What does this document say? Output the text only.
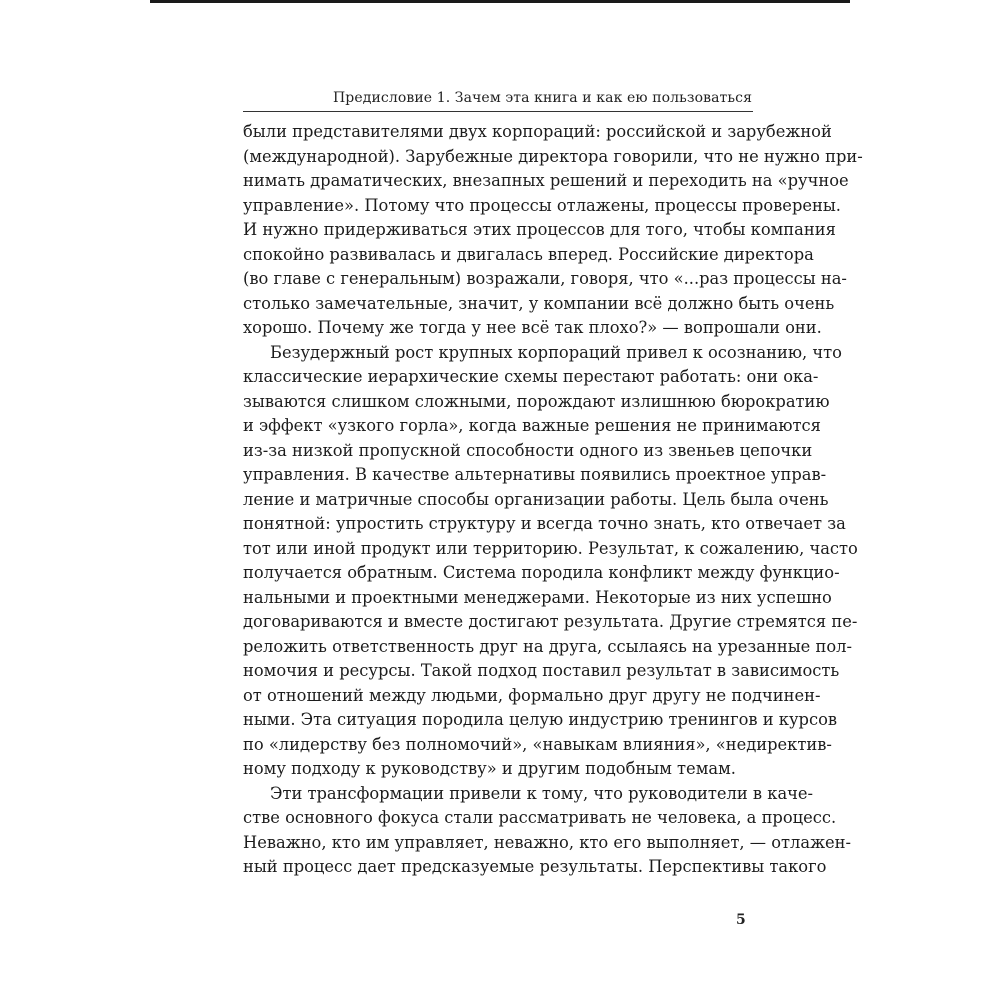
Предисловие 1. Зачем эта книга и как ею пользоваться
были представителями двух корпораций: российской и зарубежной
(международной). Зарубежные директора говорили, что не нужно при-
нимать драматических, внезапных решений и переходить на «ручное
управление». Потому что процессы отлажены, процессы проверены.
И нужно придерживаться этих процессов для того, чтобы компания
спокойно развивалась и двигалась вперед. Российские директора
(во главе с генеральным) возражали, говоря, что «...раз процессы на-
столько замечательные, значит, у компании всё должно быть очень
хорошо. Почему же тогда у нее всё так плохо?» — вопрошали они.
Безудержный рост крупных корпораций привел к осознанию, что
классические иерархические схемы перестают работать: они ока-
зываются слишком сложными, порождают излишнюю бюрократию
и эффект «узкого горла», когда важные решения не принимаются
из-за низкой пропускной способности одного из звеньев цепочки
управления. В качестве альтернативы появились проектное управ-
ление и матричные способы организации работы. Цель была очень
понятной: упростить структуру и всегда точно знать, кто отвечает за
тот или иной продукт или территорию. Результат, к сожалению, часто
получается обратным. Система породила конфликт между функцио-
нальными и проектными менеджерами. Некоторые из них успешно
договариваются и вместе достигают результата. Другие стремятся пе-
реложить ответственность друг на друга, ссылаясь на урезанные пол-
номочия и ресурсы. Такой подход поставил результат в зависимость
от отношений между людьми, формально друг другу не подчинен-
ными. Эта ситуация породила целую индустрию тренингов и курсов
по «лидерству без полномочий», «навыкам влияния», «недиректив-
ному подходу к руководству» и другим подобным темам.
Эти трансформации привели к тому, что руководители в каче-
стве основного фокуса стали рассматривать не человека, а процесс.
Неважно, кто им управляет, неважно, кто его выполняет, — отлажен-
ный процесс дает предсказуемые результаты. Перспективы такого
5
